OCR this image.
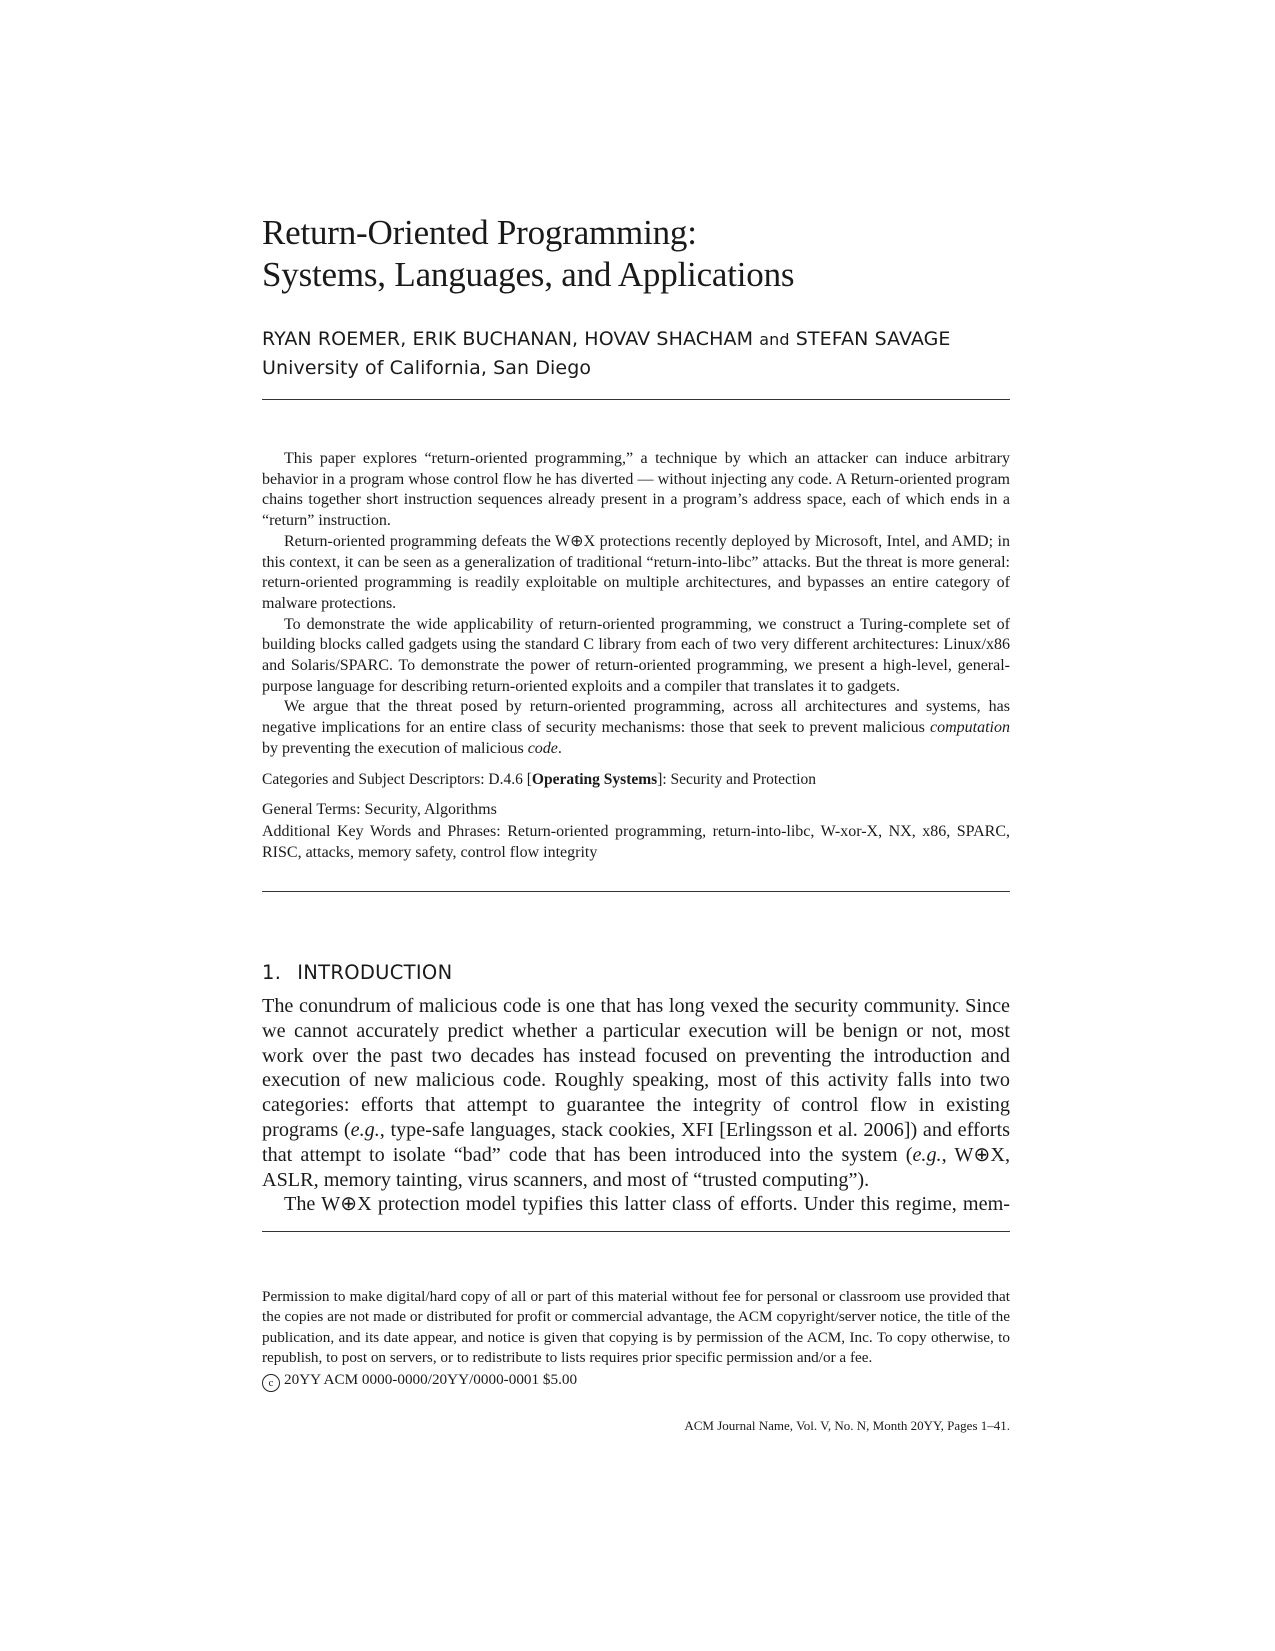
Return-Oriented Programming:
Systems, Languages, and Applications
RYAN ROEMER, ERIK BUCHANAN, HOVAV SHACHAM and STEFAN SAVAGE
University of California, San Diego

This paper explores “return-oriented programming,” a technique by which an attacker can induce arbitrary behavior in a program whose control flow he has diverted — without injecting any code. A Return-oriented program chains together short instruction sequences already present in a program’s address space, each of which ends in a “return” instruction.

Return-oriented programming defeats the W⊕X protections recently deployed by Microsoft, Intel, and AMD; in this context, it can be seen as a generalization of traditional “return-into-libc” attacks. But the threat is more general: return-oriented programming is readily exploitable on multiple architectures, and bypasses an entire category of malware protections.

To demonstrate the wide applicability of return-oriented programming, we construct a Turing-complete set of building blocks called gadgets using the standard C library from each of two very different architectures: Linux/x86 and Solaris/SPARC. To demonstrate the power of return-oriented programming, we present a high-level, general-purpose language for describing return-oriented exploits and a compiler that translates it to gadgets.

We argue that the threat posed by return-oriented programming, across all architectures and systems, has negative implications for an entire class of security mechanisms: those that seek to prevent malicious computation by preventing the execution of malicious code.

Categories and Subject Descriptors: D.4.6 [Operating Systems]: Security and Protection
General Terms: Security, Algorithms
Additional Key Words and Phrases: Return-oriented programming, return-into-libc, W-xor-X, NX, x86, SPARC, RISC, attacks, memory safety, control flow integrity
1. INTRODUCTION

The conundrum of malicious code is one that has long vexed the security community. Since we cannot accurately predict whether a particular execution will be benign or not, most work over the past two decades has instead focused on preventing the introduction and execution of new malicious code. Roughly speaking, most of this activity falls into two categories: efforts that attempt to guarantee the integrity of control flow in existing programs (e.g., type-safe languages, stack cookies, XFI [Erlingsson et al. 2006]) and efforts that attempt to isolate “bad” code that has been introduced into the system (e.g., W⊕X, ASLR, memory tainting, virus scanners, and most of “trusted computing”).

The W⊕X protection model typifies this latter class of efforts. Under this regime, mem-

Permission to make digital/hard copy of all or part of this material without fee for personal or classroom use provided that the copies are not made or distributed for profit or commercial advantage, the ACM copyright/server notice, the title of the publication, and its date appear, and notice is given that copying is by permission of the ACM, Inc. To copy otherwise, to republish, to post on servers, or to redistribute to lists requires prior specific permission and/or a fee.

c 20YY ACM 0000-0000/20YY/0000-0001 $5.00
ACM Journal Name, Vol. V, No. N, Month 20YY, Pages 1–41.
